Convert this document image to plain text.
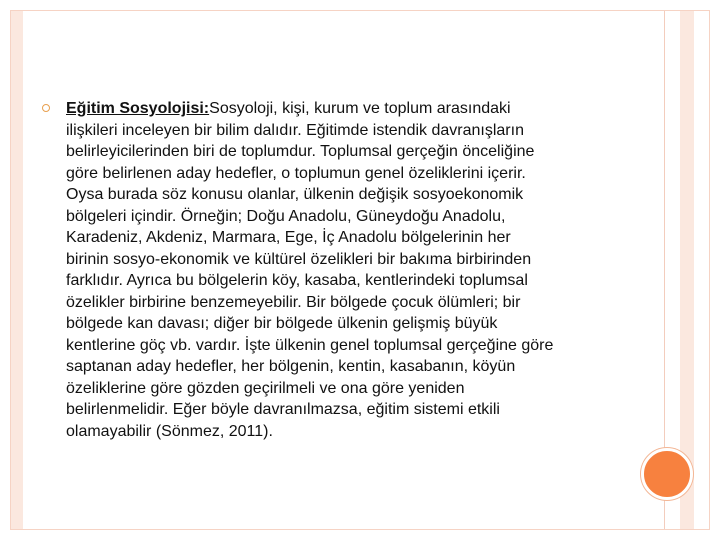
Eğitim Sosyolojisi:Sosyoloji, kişi, kurum ve toplum arasındaki
ilişkileri inceleyen bir bilim dalıdır. Eğitimde istendik davranışların
belirleyicilerinden biri de toplumdur. Toplumsal gerçeğin önceliğine
göre belirlenen aday hedefler, o toplumun genel özeliklerini içerir.
Oysa burada söz konusu olanlar, ülkenin değişik sosyoekonomik
bölgeleri içindir. Örneğin; Doğu Anadolu, Güneydoğu Anadolu,
Karadeniz, Akdeniz, Marmara, Ege, İç Anadolu bölgelerinin her
birinin sosyo-ekonomik ve kültürel özelikleri bir bakıma birbirinden
farklıdır. Ayrıca bu bölgelerin köy, kasaba, kentlerindeki toplumsal
özelikler birbirine benzemeyebilir. Bir bölgede çocuk ölümleri; bir
bölgede kan davası; diğer bir bölgede ülkenin gelişmiş büyük
kentlerine göç vb. vardır. İşte ülkenin genel toplumsal gerçeğine göre
saptanan aday hedefler, her bölgenin, kentin, kasabanın, köyün
özeliklerine göre gözden geçirilmeli ve ona göre yeniden
belirlenmelidir. Eğer böyle davranılmazsa, eğitim sistemi etkili
olamayabilir (Sönmez, 2011).
